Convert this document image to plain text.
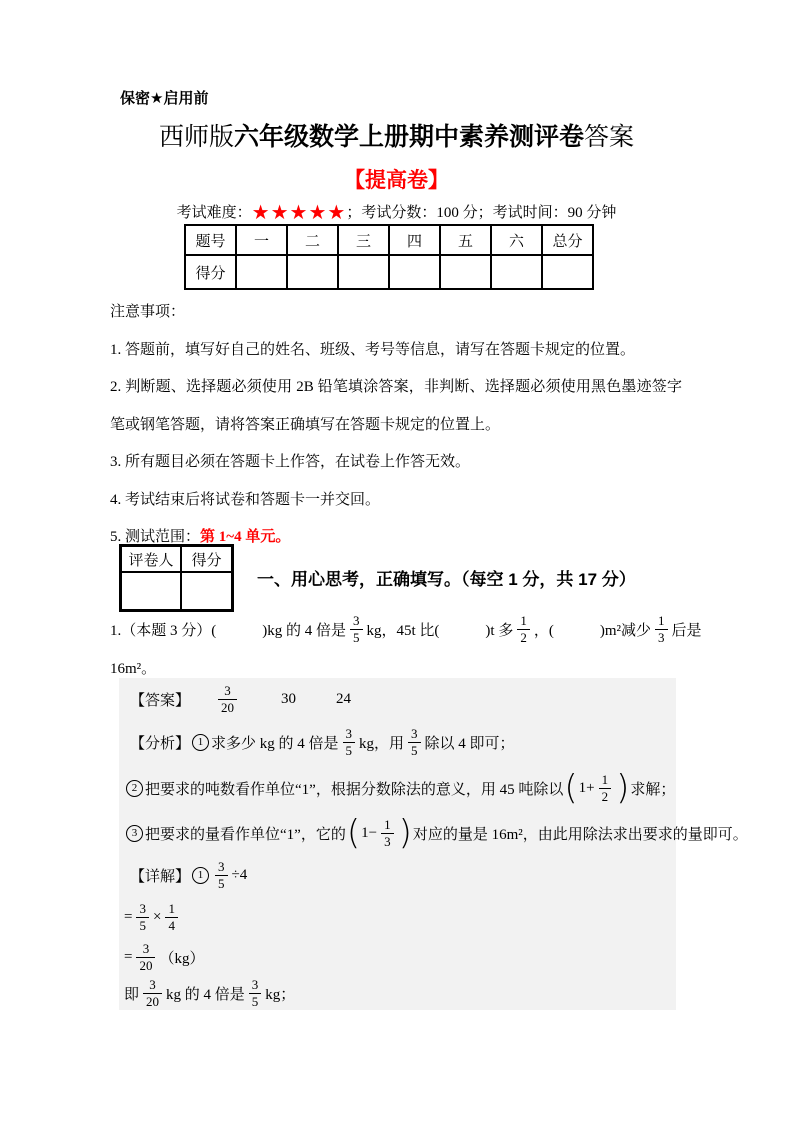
保密★启用前
西师版六年级数学上册期中素养测评卷答案
【提高卷】
考试难度：★★★★★；考试分数：100 分；考试时间：90 分钟
题号	一	二	三	四	五	六	总分
得分							

注意事项：

1. 答题前，填写好自己的姓名、班级、考号等信息，请写在答题卡规定的位置。

2. 判断题、选择题必须使用 2B 铅笔填涂答案，非判断、选择题必须使用黑色墨迹签字笔或钢笔答题，请将答案正确填写在答题卡规定的位置上。

3. 所有题目必须在答题卡上作答，在试卷上作答无效。

4. 考试结束后将试卷和答题卡一并交回。

5. 测试范围：第 1~4 单元。

评卷人	得分

一、用心思考，正确填写。（每空 1 分，共 17 分）
1.（本题 3 分）(	)kg 的 4 倍是 $\frac{3}{5}$ kg，45t 比(	)t 多 $\frac{1}{2}$ ，(	)m²减少 $\frac{1}{3}$ 后是
16m²。
【答案】 $\frac{3}{20}$	30	24
【分析】 1 求多少 kg 的 4 倍是 $\frac{3}{5}$ kg，用 $\frac{3}{5}$ 除以 4 即可；
2 把要求的吨数看作单位“1”，根据分数除法的意义，用 45 吨除以 ( $1+ \frac{1}{2}$ ) 求解；
3 把要求的量看作单位“1”，它的 ( $1- \frac{1}{3}$ ) 对应的量是 16m²，由此用除法求出要求的量即可。
【详解】 $1 \frac{3}{5} \div 4$
= $\frac{3}{5} \times \frac{1}{4}$
= $\frac{3}{20} (kg)$
即 $\frac{3}{20}$ kg 的 4 倍是 $\frac{3}{5}$ kg；
